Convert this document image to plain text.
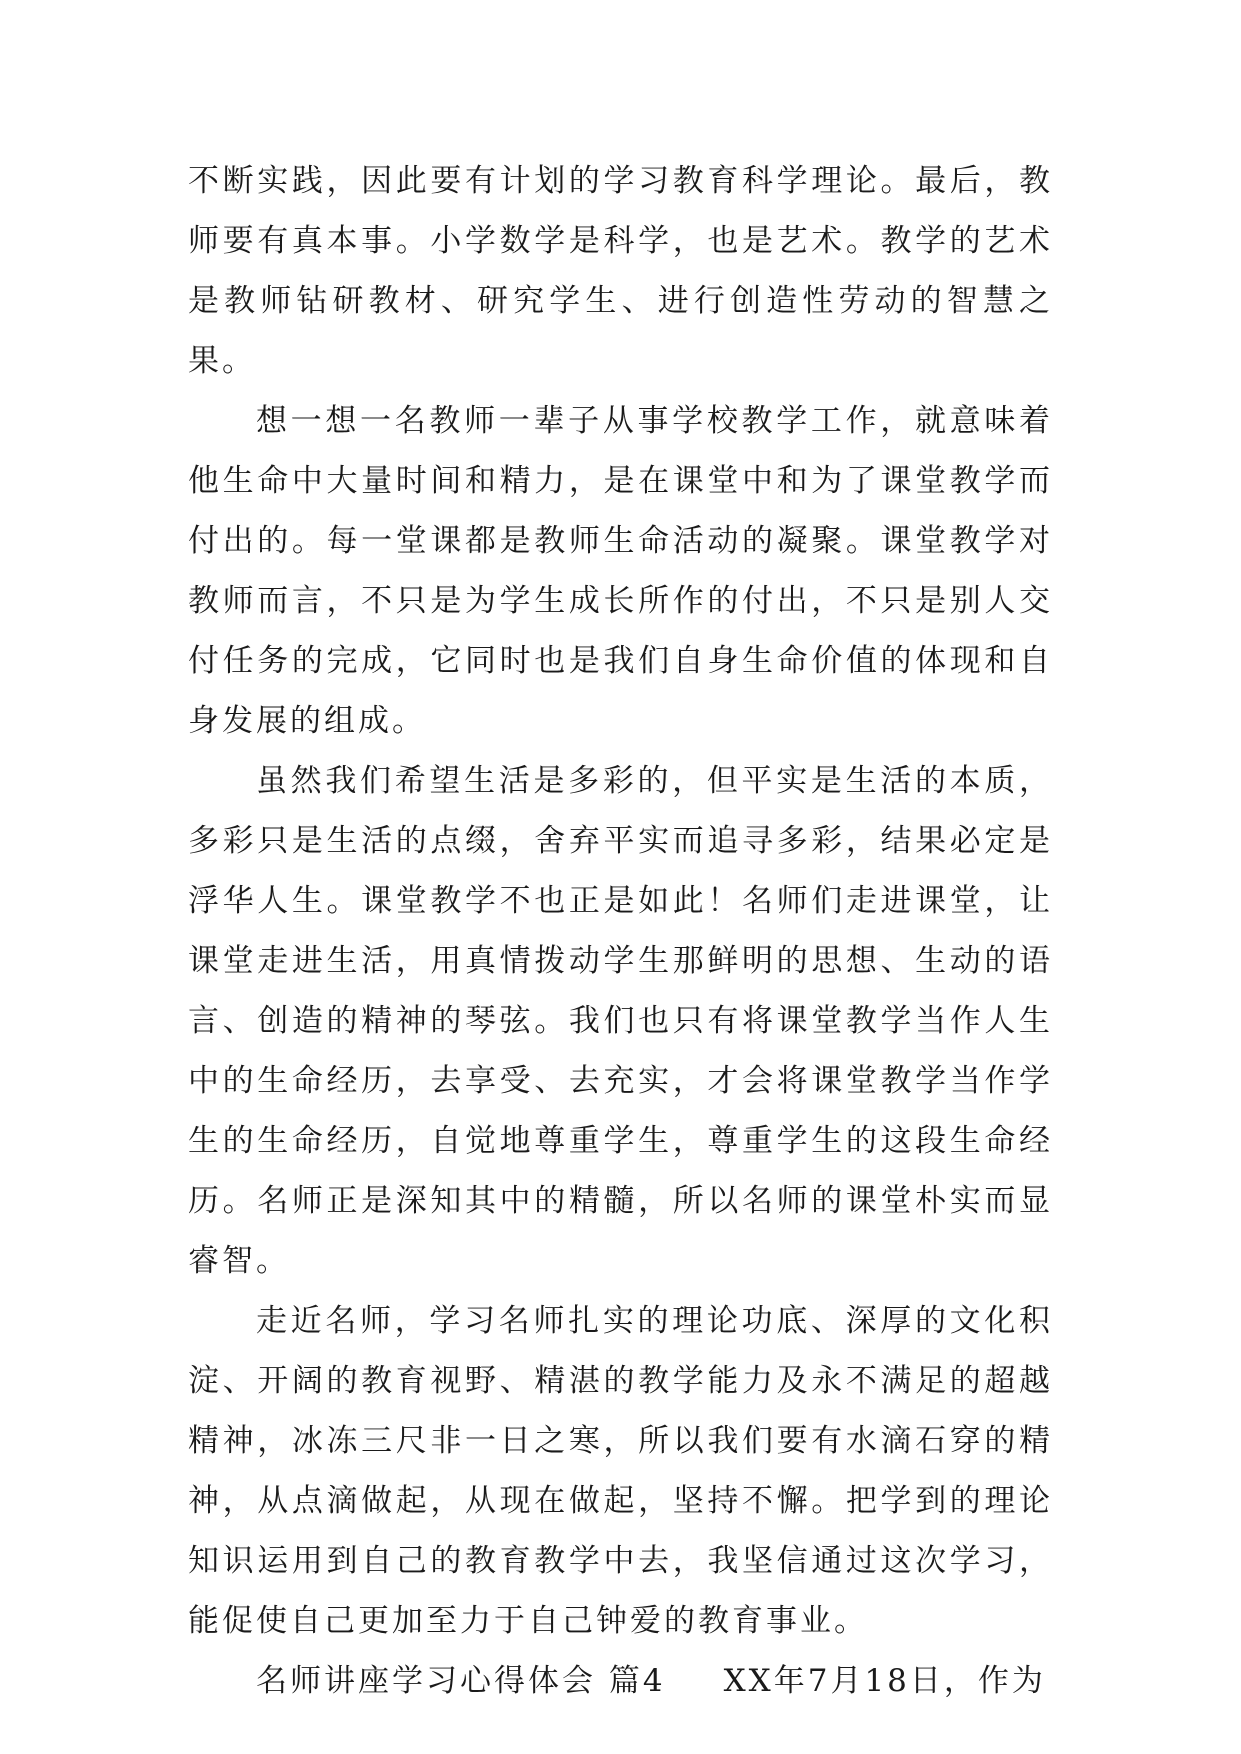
不断实践，因此要有计划的学习教育科学理论。最后，教师要有真本事。小学数学是科学，也是艺术。教学的艺术是教师钻研教材、研究学生、进行创造性劳动的智慧之果。

想一想一名教师一辈子从事学校教学工作，就意味着他生命中大量时间和精力，是在课堂中和为了课堂教学而付出的。每一堂课都是教师生命活动的凝聚。课堂教学对教师而言，不只是为学生成长所作的付出，不只是别人交付任务的完成，它同时也是我们自身生命价值的体现和自身发展的组成。

虽然我们希望生活是多彩的，但平实是生活的本质，多彩只是生活的点缀，舍弃平实而追寻多彩，结果必定是浮华人生。课堂教学不也正是如此！名师们走进课堂，让课堂走进生活，用真情拨动学生那鲜明的思想、生动的语言、创造的精神的琴弦。我们也只有将课堂教学当作人生中的生命经历，去享受、去充实，才会将课堂教学当作学生的生命经历，自觉地尊重学生，尊重学生的这段生命经历。名师正是深知其中的精髓，所以名师的课堂朴实而显睿智。

走近名师，学习名师扎实的理论功底、深厚的文化积淀、开阔的教育视野、精湛的教学能力及永不满足的超越精神，冰冻三尺非一日之寒，所以我们要有水滴石穿的精神，从点滴做起，从现在做起，坚持不懈。把学到的理论知识运用到自己的教育教学中去，我坚信通过这次学习，能促使自己更加至力于自己钟爱的教育事业。

名师讲座学习心得体会 篇4 XX年7月18日，作为
